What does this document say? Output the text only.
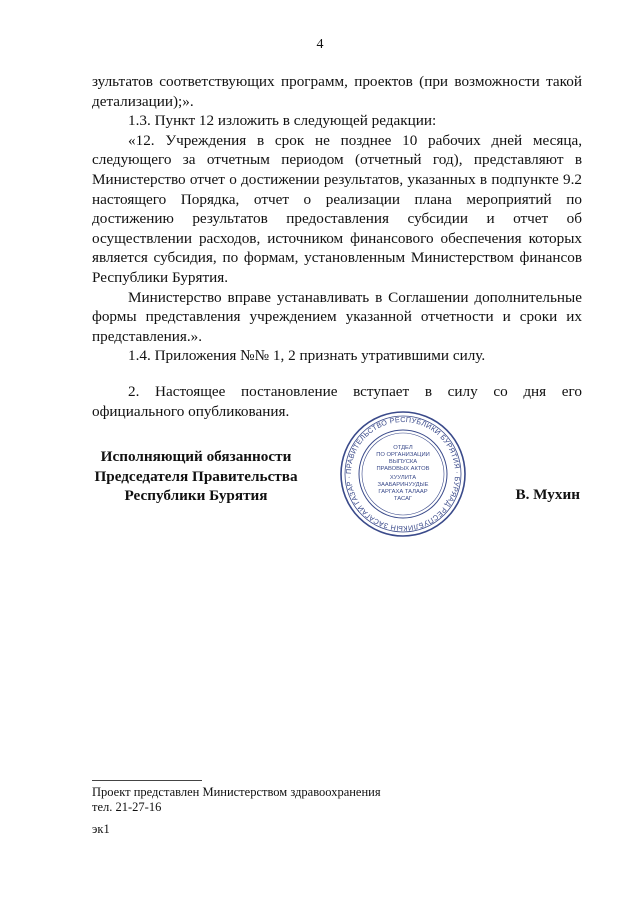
4

зультатов соответствующих программ, проектов (при возможности такой детализации);».

1.3. Пункт 12 изложить в следующей редакции:

«12. Учреждения в срок не позднее 10 рабочих дней месяца, следующего за отчетным периодом (отчетный год), представляют в Министерство отчет о достижении результатов, указанных в подпункте 9.2 настоящего Порядка, отчет о реализации плана мероприятий по достижению результатов предоставления субсидии и отчет об осуществлении расходов, источником финансового обеспечения которых является субсидия, по формам, установленным Министерством финансов Республики Бурятия.

Министерство вправе устанавливать в Соглашении дополнительные формы представления учреждением указанной отчетности и сроки их представления.».

1.4. Приложения №№ 1, 2 признать утратившими силу.

2. Настоящее постановление вступает в силу со дня его официального опубликования.

ПРАВИТЕЛЬСТВО РЕСПУБЛИКИ БУРЯТИЯ · БУРЯАД РЕСПУБЛИКЫН ЗАСАГАЙ ГАЗАР ·
ОТДЕЛ
ПО ОРГАНИЗАЦИИ
ВЫПУСКА
ПРАВОВЫХ АКТОВ
ХУУЛИТА
ЗААБАРИНУУДЫЕ
ГАРГАХА ТАЛААР
ТАСАГ
Исполняющий обязанности
Председателя Правительства
Республики Бурятия	В. Мухин
Проект представлен Министерством здравоохранения
тел. 21-27-16
эк1
